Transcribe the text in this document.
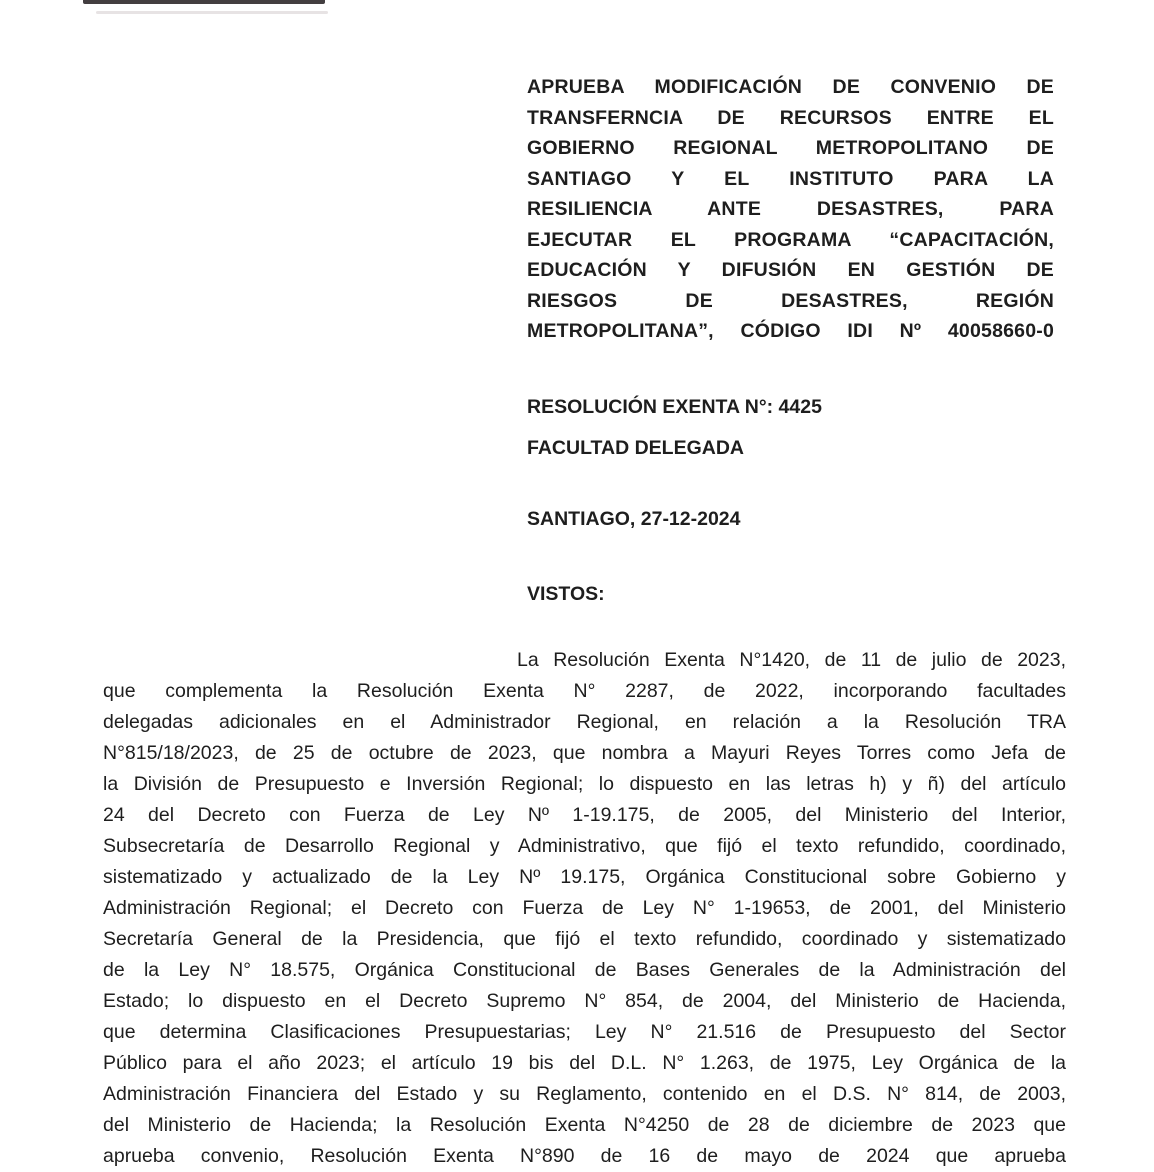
APRUEBA MODIFICACIÓN DE CONVENIO DE
TRANSFERNCIA DE RECURSOS ENTRE EL
GOBIERNO REGIONAL METROPOLITANO DE
SANTIAGO Y EL INSTITUTO PARA LA
RESILIENCIA ANTE DESASTRES, PARA
EJECUTAR EL PROGRAMA “CAPACITACIÓN,
EDUCACIÓN Y DIFUSIÓN EN GESTIÓN DE
RIESGOS DE DESASTRES, REGIÓN
METROPOLITANA”, CÓDIGO IDI Nº 40058660-0
RESOLUCIÓN EXENTA N°: 4425
FACULTAD DELEGADA
SANTIAGO, 27-12-2024
VISTOS:
La Resolución Exenta N°1420, de 11 de julio de 2023,
que complementa la Resolución Exenta N° 2287, de 2022, incorporando facultades
delegadas adicionales en el Administrador Regional, en relación a la Resolución TRA
N°815/18/2023, de 25 de octubre de 2023, que nombra a Mayuri Reyes Torres como Jefa de
la División de Presupuesto e Inversión Regional; lo dispuesto en las letras h) y ñ) del artículo
24 del Decreto con Fuerza de Ley Nº 1-19.175, de 2005, del Ministerio del Interior,
Subsecretaría de Desarrollo Regional y Administrativo, que fijó el texto refundido, coordinado,
sistematizado y actualizado de la Ley Nº 19.175, Orgánica Constitucional sobre Gobierno y
Administración Regional; el Decreto con Fuerza de Ley N° 1-19653, de 2001, del Ministerio
Secretaría General de la Presidencia, que fijó el texto refundido, coordinado y sistematizado
de la Ley N° 18.575, Orgánica Constitucional de Bases Generales de la Administración del
Estado; lo dispuesto en el Decreto Supremo N° 854, de 2004, del Ministerio de Hacienda,
que determina Clasificaciones Presupuestarias; Ley N° 21.516 de Presupuesto del Sector
Público para el año 2023; el artículo 19 bis del D.L. N° 1.263, de 1975, Ley Orgánica de la
Administración Financiera del Estado y su Reglamento, contenido en el D.S. N° 814, de 2003,
del Ministerio de Hacienda; la Resolución Exenta N°4250 de 28 de diciembre de 2023 que
aprueba convenio, Resolución Exenta N°890 de 16 de mayo de 2024 que aprueba
